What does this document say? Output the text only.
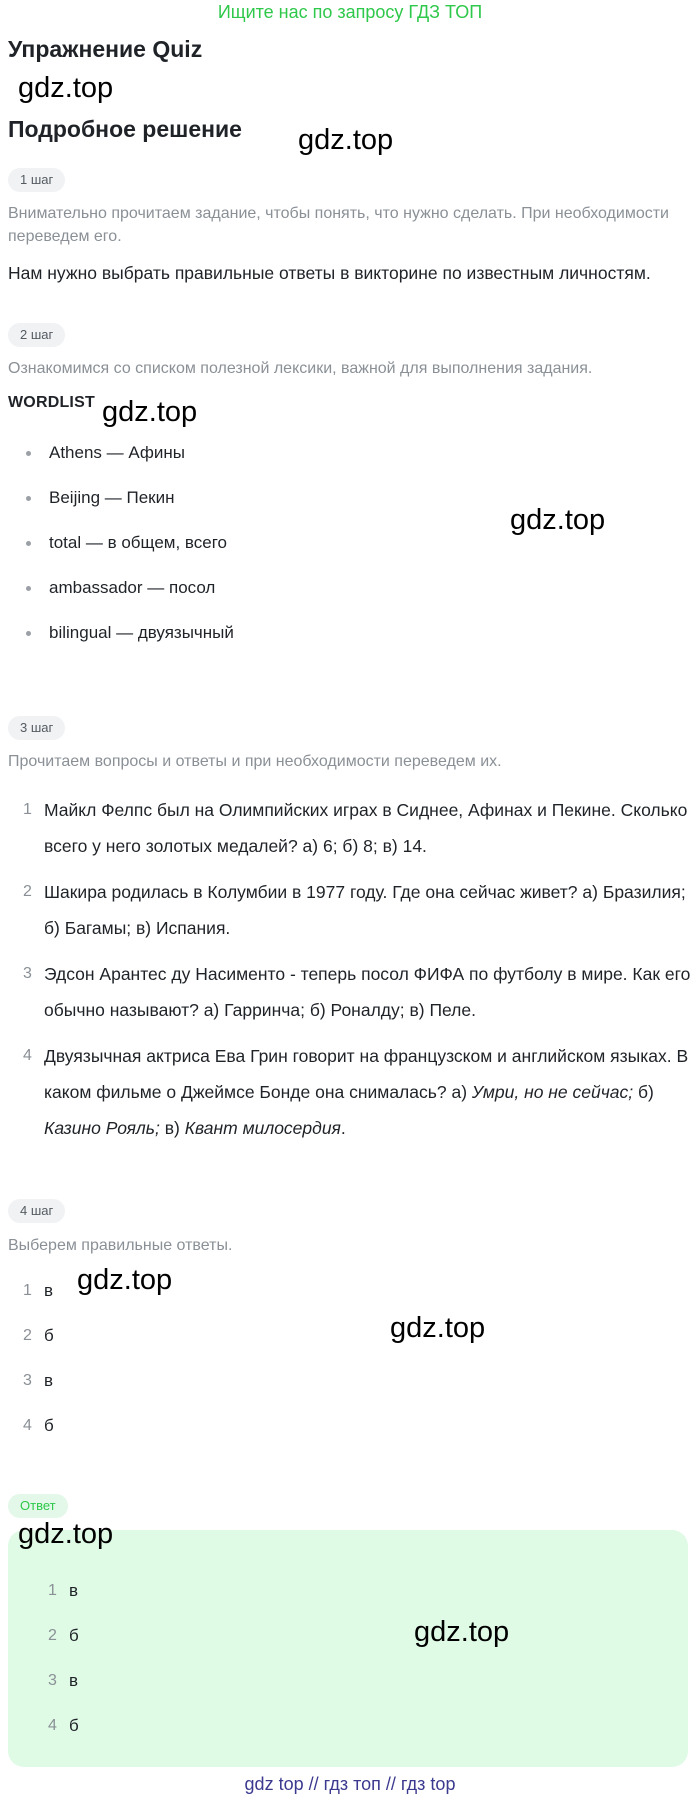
Ищите нас по запросу ГДЗ ТОП
Упражнение Quiz
gdz.top
Подробное решение gdz.top
1 шаг
Внимательно прочитаем задание, чтобы понять, что нужно сделать. При необходимости переведем его.
Нам нужно выбрать правильные ответы в викторине по известным личностям.
2 шаг
Ознакомимся со списком полезной лексики, важной для выполнения задания.
WORDLIST gdz.top
Athens — Афины
Beijing — Пекин
total — в общем, всего
ambassador — посол
bilingual — двуязычный
gdz.top
3 шаг
Прочитаем вопросы и ответы и при необходимости переведем их.
1 Майкл Фелпс был на Олимпийских играх в Сиднее, Афинах и Пекине. Сколько всего у него золотых медалей? а) 6; б) 8; в) 14.
2 Шакира родилась в Колумбии в 1977 году. Где она сейчас живет? а) Бразилия; б) Багамы; в) Испания.
3 Эдсон Арантес ду Насименто - теперь посол ФИФА по футболу в мире. Как его обычно называют? а) Гарринча; б) Роналду; в) Пеле.
4 Двуязычная актриса Ева Грин говорит на французском и английском языках. В каком фильме о Джеймсе Бонде она снималась? а) Умри, но не сейчас; б) Казино Рояль; в) Квант милосердия.
4 шаг
Выберем правильные ответы.
1 в
2 б
3 в
4 б
gdz.top
gdz.top
Ответ
1 в
2 б
3 в
4 б
gdz.top
gdz.top
gdz top // гдз топ // гдз top
